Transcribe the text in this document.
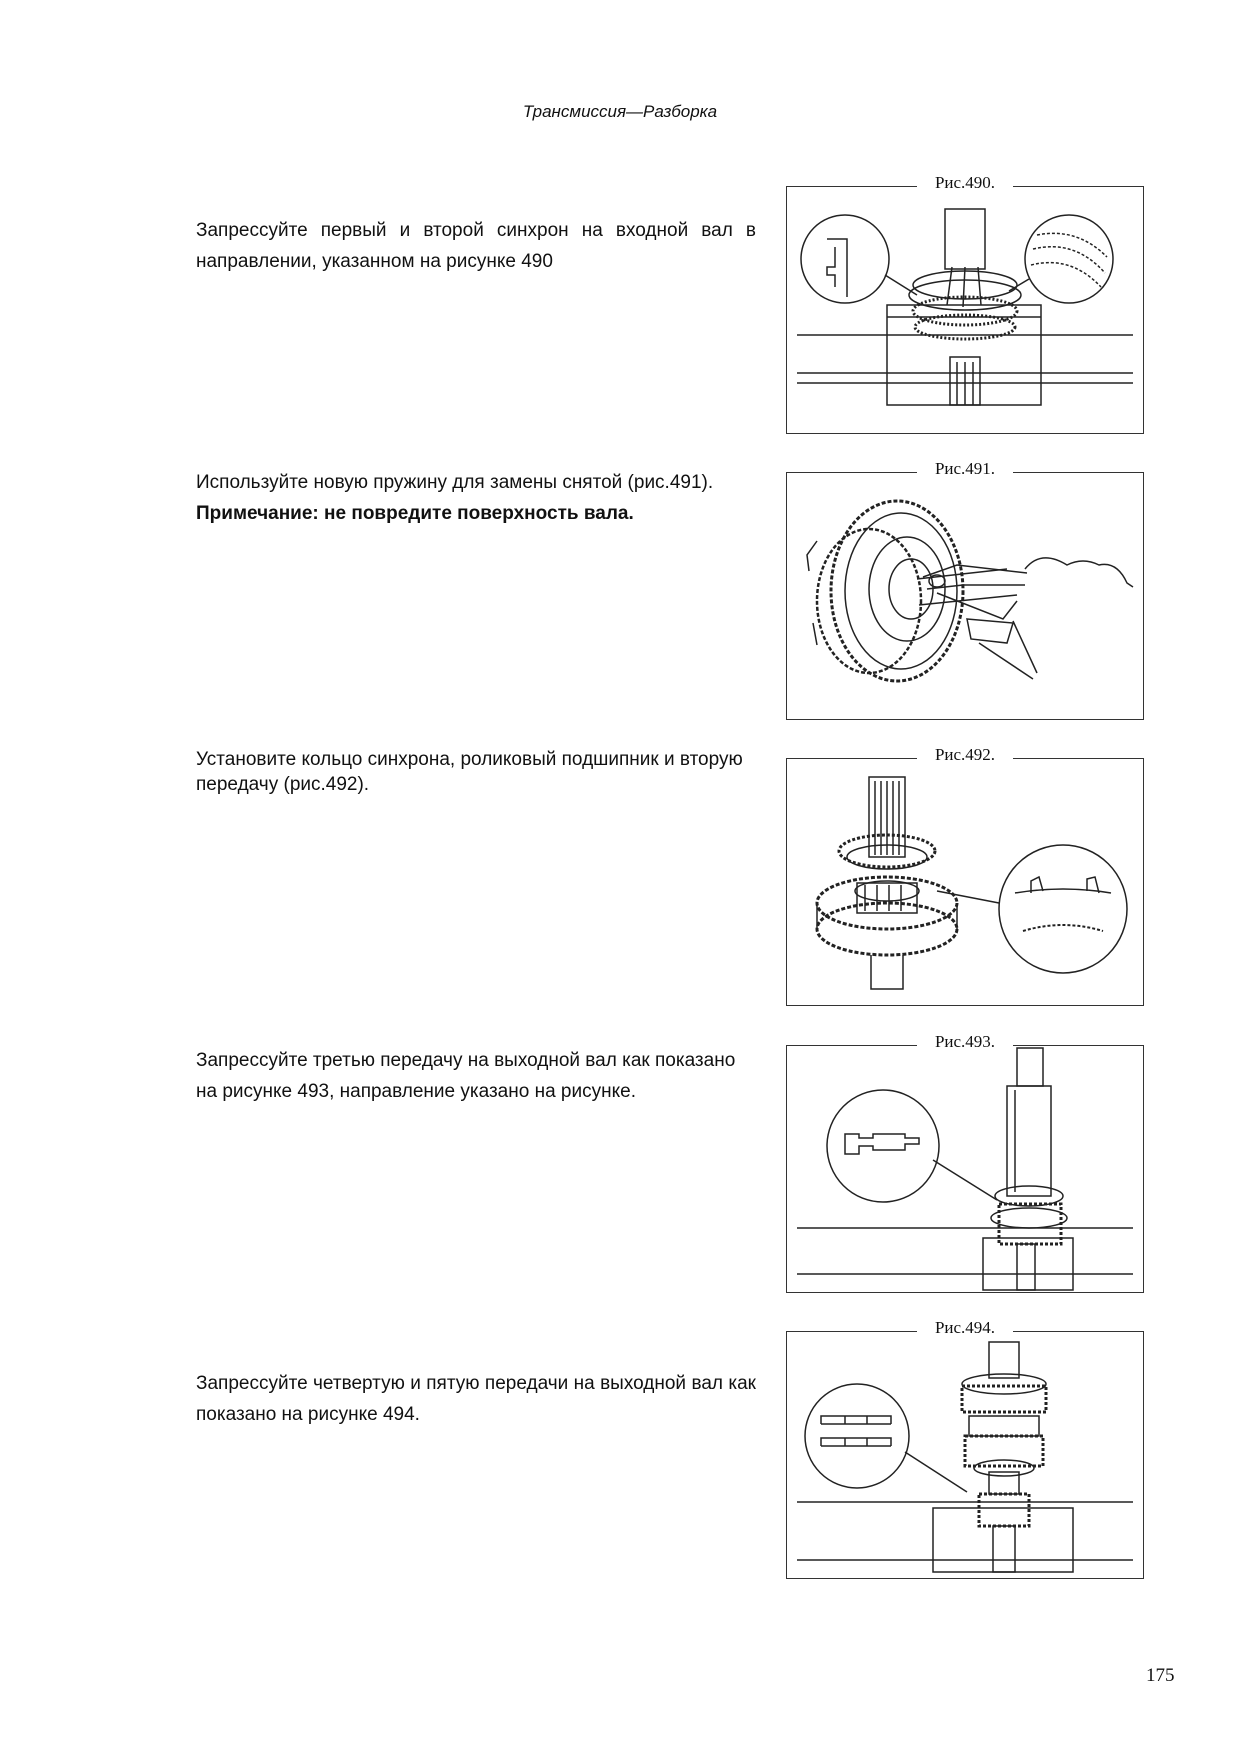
Трансмиссия—Разборка

Запрессуйте первый и второй синхрон на входной вал в направлении, указанном на рисунке 490

Рис.490.

Используйте новую пружину для замены снятой (рис.491).

Примечание: не повредите поверхность вала.

Рис.491.

Установите кольцо синхрона, роликовый подшипник и вторую передачу (рис.492).

Рис.492.

Запрессуйте третью передачу на выходной вал как показано на рисунке 493, направление указано на рисунке.

Рис.493.

Запрессуйте четвертую и пятую передачи на выходной вал как показано на рисунке 494.

Рис.494.
175
